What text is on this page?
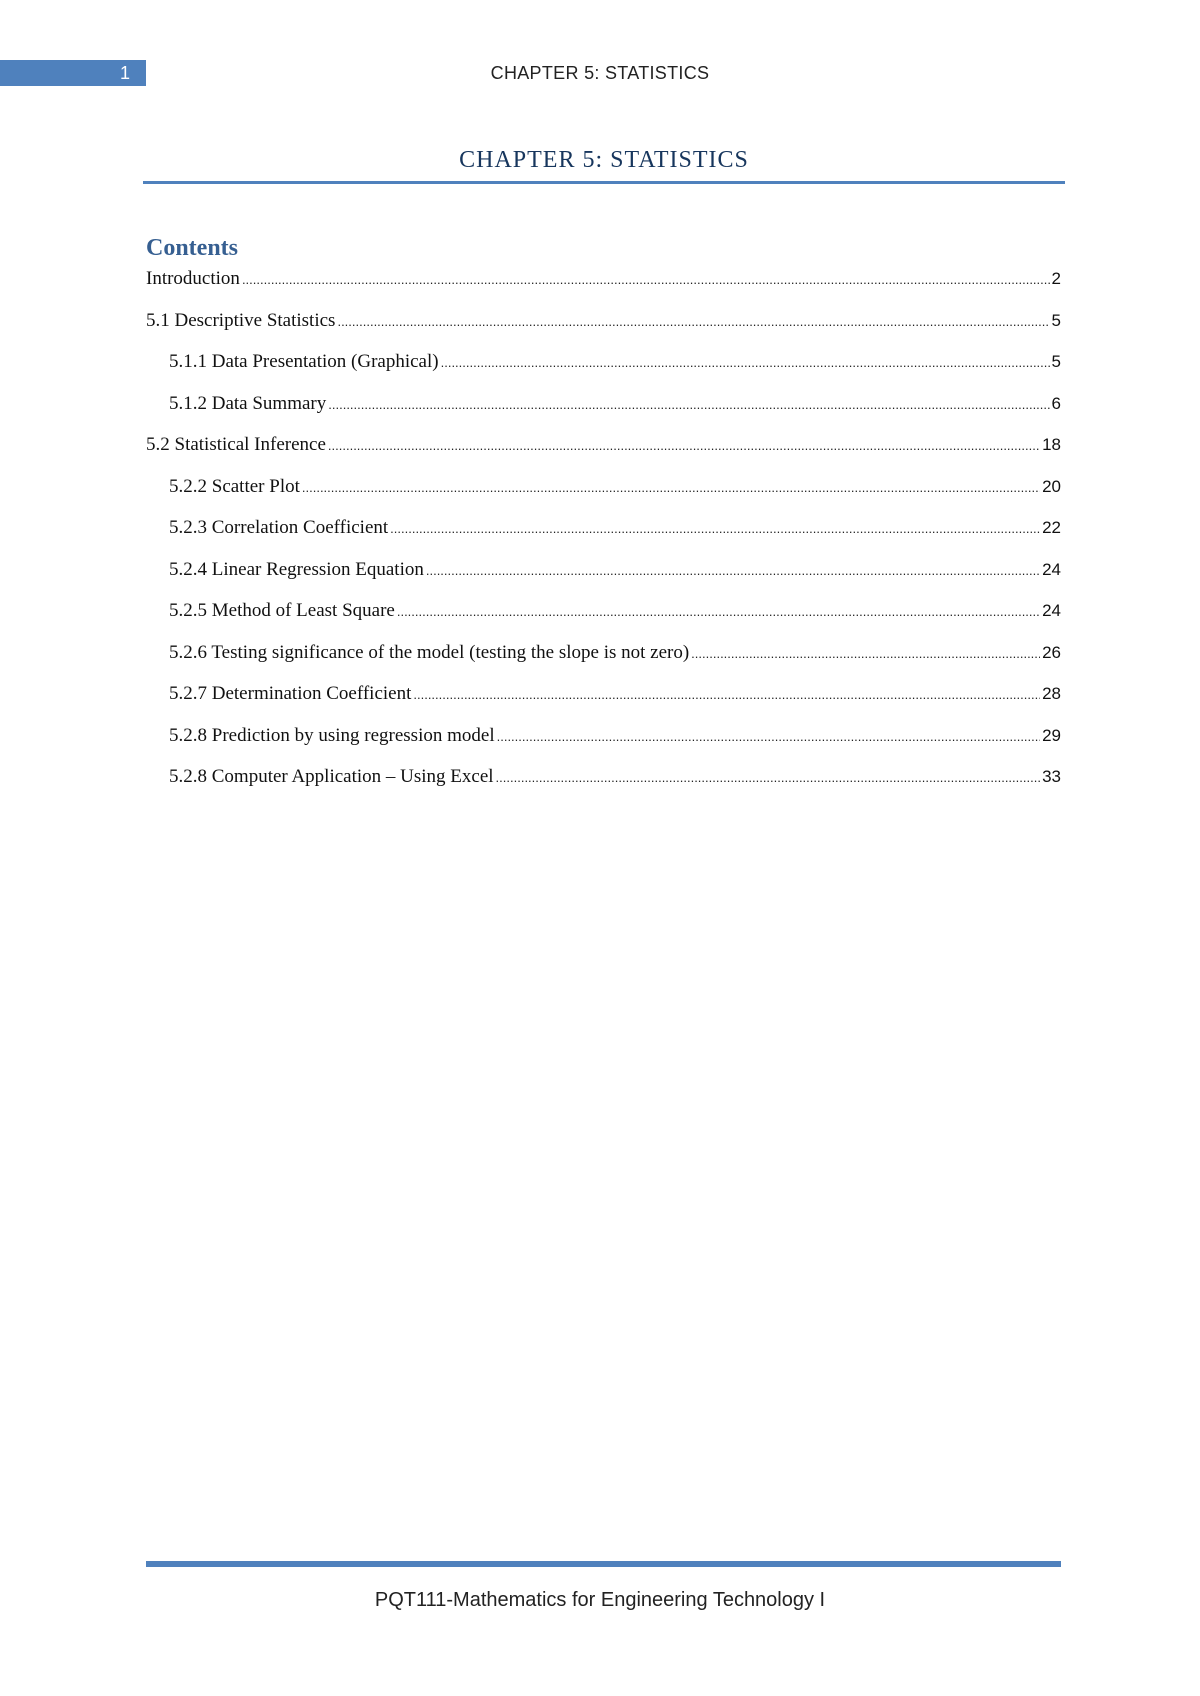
1	CHAPTER 5: STATISTICS
CHAPTER 5: STATISTICS
Contents
Introduction .....	2
5.1 Descriptive Statistics .....	5
5.1.1 Data Presentation (Graphical) .....	5
5.1.2 Data Summary .....	6
5.2 Statistical Inference .....	18
5.2.2 Scatter Plot .....	20
5.2.3 Correlation Coefficient .....	22
5.2.4 Linear Regression Equation .....	24
5.2.5 Method of Least Square .....	24
5.2.6 Testing significance of the model (testing the slope is not zero) .....	26
5.2.7 Determination Coefficient .....	28
5.2.8 Prediction by using regression model .....	29
5.2.8 Computer Application – Using Excel .....	33
PQT111-Mathematics for Engineering Technology I
